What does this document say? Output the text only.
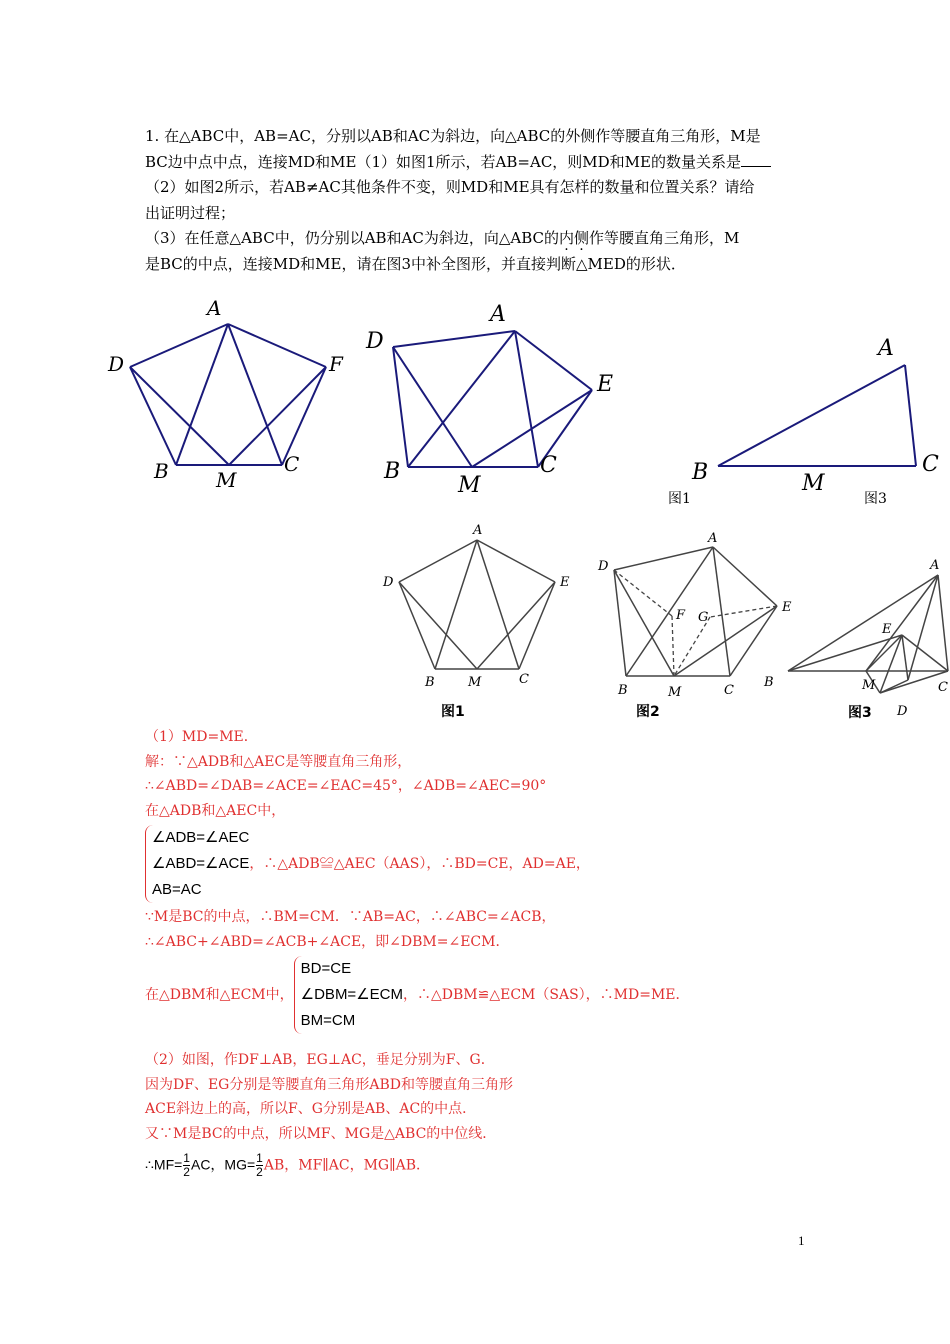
1. 在△ABC中，AB=AC，分别以AB和AC为斜边，向△ABC的外侧作等腰直角三角形，M是

BC边中点中点，连接MD和ME（1）如图1所示，若AB=AC，则MD和ME的数量关系是

（2）如图2所示，若AB≠AC其他条件不变，则MD和ME具有怎样的数量和位置关系？请给

出证明过程；

（3）在任意△ABC中，仍分别以AB和AC为斜边，向△ABC的内侧作等腰直角三角形，M

是BC的中点，连接MD和ME，请在图3中补全图形，并直接判断△MED的形状．

A
D	F
B M
C
A
D
E
B
M
C
A
B	C
M
图1	图3
A
D	E
B	M	C
图1
A
D
E
F G
B	M	C
图2
A
E
B	M	C
D
图3

（1）MD=ME．

解：∵△ADB和△AEC是等腰直角三角形，

∴∠ABD=∠DAB=∠ACE=∠EAC=45°，∠ADB=∠AEC=90°

在△ADB和△AEC中，

∠ADB=∠AEC
∠ABD=∠ACE
AB=AC
，∴△ADB≌△AEC（AAS），∴BD=CE，AD=AE，

∵M是BC的中点，∴BM=CM．∵AB=AC，∴∠ABC=∠ACB，

∴∠ABC+∠ABD=∠ACB+∠ACE，即∠DBM=∠ECM．

在△DBM和△ECM中，
BD=CE
∠DBM=∠ECM
BM=CM
，∴△DBM≌△ECM（SAS），∴MD=ME．

（2）如图，作DF⊥AB，EG⊥AC，垂足分别为F、G．

因为DF、EG分别是等腰直角三角形ABD和等腰直角三角形

ACE斜边上的高，所以F、G分别是AB、AC的中点．

又∵M是BC的中点，所以MF、MG是△ABC的中位线．

∴MF= $\frac{1}{2}$ AC，$MG= \frac{1}{2}$ AB，MF∥AC，MG∥AB．

1
